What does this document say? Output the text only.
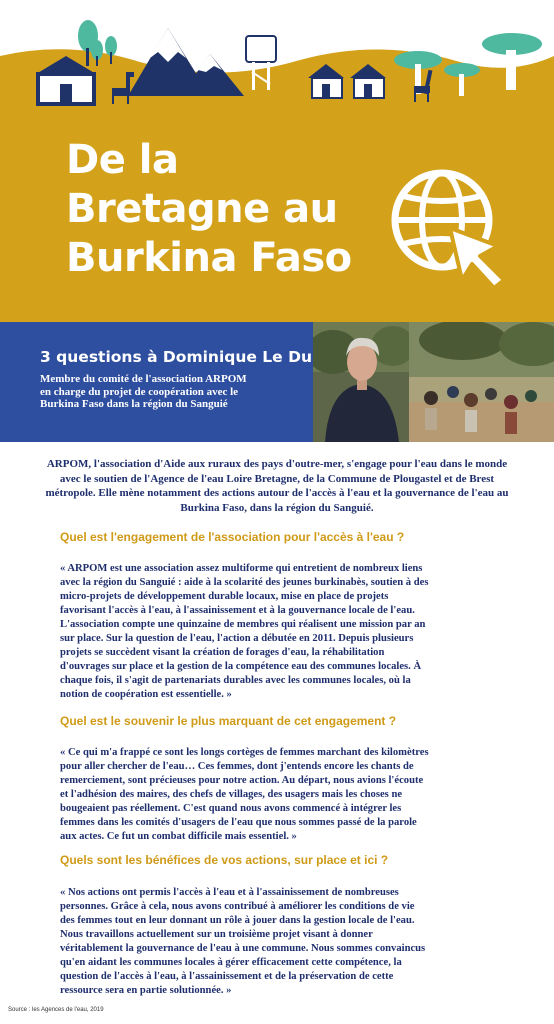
De la
Bretagne au
Burkina Faso
3 questions à Dominique Le Du
Membre du comité de l'association ARPOM
en charge du projet de coopération avec le
Burkina Faso dans la région du Sanguié
ARPOM, l'association d'Aide aux ruraux des pays d'outre-mer, s'engage pour l'eau dans le monde
avec le soutien de l'Agence de l'eau Loire Bretagne, de la Commune de Plougastel et de Brest
métropole. Elle mène notamment des actions autour de l'accès à l'eau et la gouvernance de l'eau au
Burkina Faso, dans la région du Sanguié.
Quel est l'engagement de l'association pour l'accès à l'eau ?
« ARPOM est une association assez multiforme qui entretient de nombreux liens
avec la région du Sanguié : aide à la scolarité des jeunes burkinabès, soutien à des
micro-projets de développement durable locaux, mise en place de projets
favorisant l'accès à l'eau, à l'assainissement et à la gouvernance locale de l'eau.
L'association compte une quinzaine de membres qui réalisent une mission par an
sur place. Sur la question de l'eau, l'action a débutée en 2011. Depuis plusieurs
projets se succèdent visant la création de forages d'eau, la réhabilitation
d'ouvrages sur place et la gestion de la compétence eau des communes locales. À
chaque fois, il s'agit de partenariats durables avec les communes locales, où la
notion de coopération est essentielle. »
Quel est le souvenir le plus marquant de cet engagement ?
« Ce qui m'a frappé ce sont les longs cortèges de femmes marchant des kilomètres
pour aller chercher de l'eau… Ces femmes, dont j'entends encore les chants de
remerciement, sont précieuses pour notre action. Au départ, nous avions l'écoute
et l'adhésion des maires, des chefs de villages, des usagers mais les choses ne
bougeaient pas réellement. C'est quand nous avons commencé à intégrer les
femmes dans les comités d'usagers de l'eau que nous sommes passé de la parole
aux actes. Ce fut un combat difficile mais essentiel. »
Quels sont les bénéfices de vos actions, sur place et ici ?
« Nos actions ont permis l'accès à l'eau et à l'assainissement de nombreuses
personnes. Grâce à cela, nous avons contribué à améliorer les conditions de vie
des femmes tout en leur donnant un rôle à jouer dans la gestion locale de l'eau.
Nous travaillons actuellement sur un troisième projet visant à donner
véritablement la gouvernance de l'eau à une commune. Nous sommes convaincus
qu'en aidant les communes locales à gérer efficacement cette compétence, la
question de l'accès à l'eau, à l'assainissement et de la préservation de cette
ressource sera en partie solutionnée. »
Source : les Agences de l'eau, 2019
